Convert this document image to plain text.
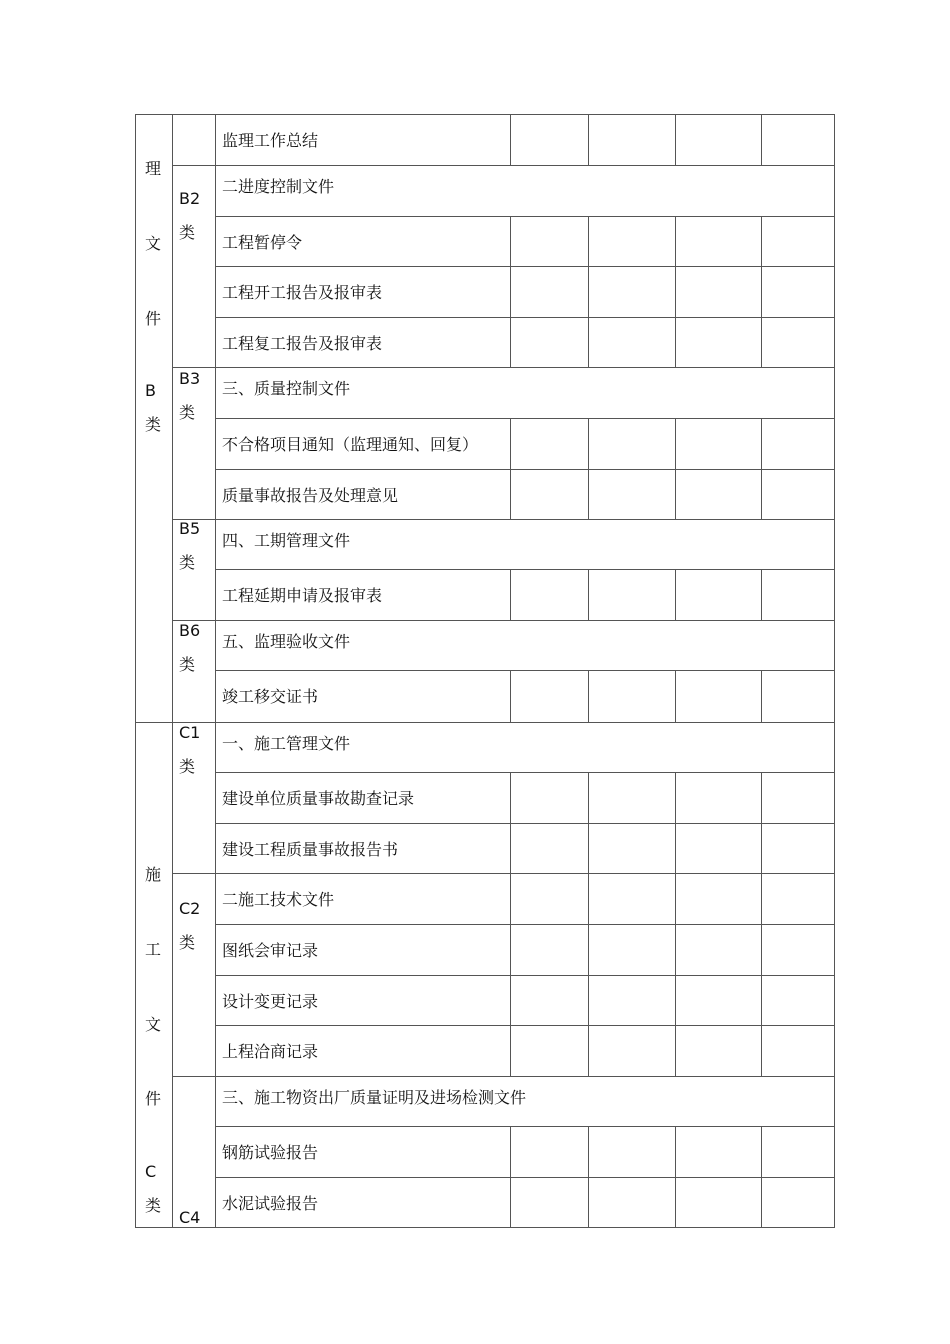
监理工作总结
二进度控制文件
工程暂停令
工程开工报告及报审表
工程复工报告及报审表
三、质量控制文件
不合格项目通知（监理通知、回复）
质量事故报告及处理意见
四、工期管理文件
工程延期申请及报审表
五、监理验收文件
竣工移交证书
一、施工管理文件
建设单位质量事故勘查记录
建设工程质量事故报告书
二施工技术文件
图纸会审记录
设计变更记录
上程洽商记录
三、施工物资出厂质量证明及进场检测文件
钢筋试验报告
水泥试验报告
B2
类
B3
类
B5
类
B6
类
C1
类
C2
类
C4
理
文
件
B
类
施
工
文
件
C
类
